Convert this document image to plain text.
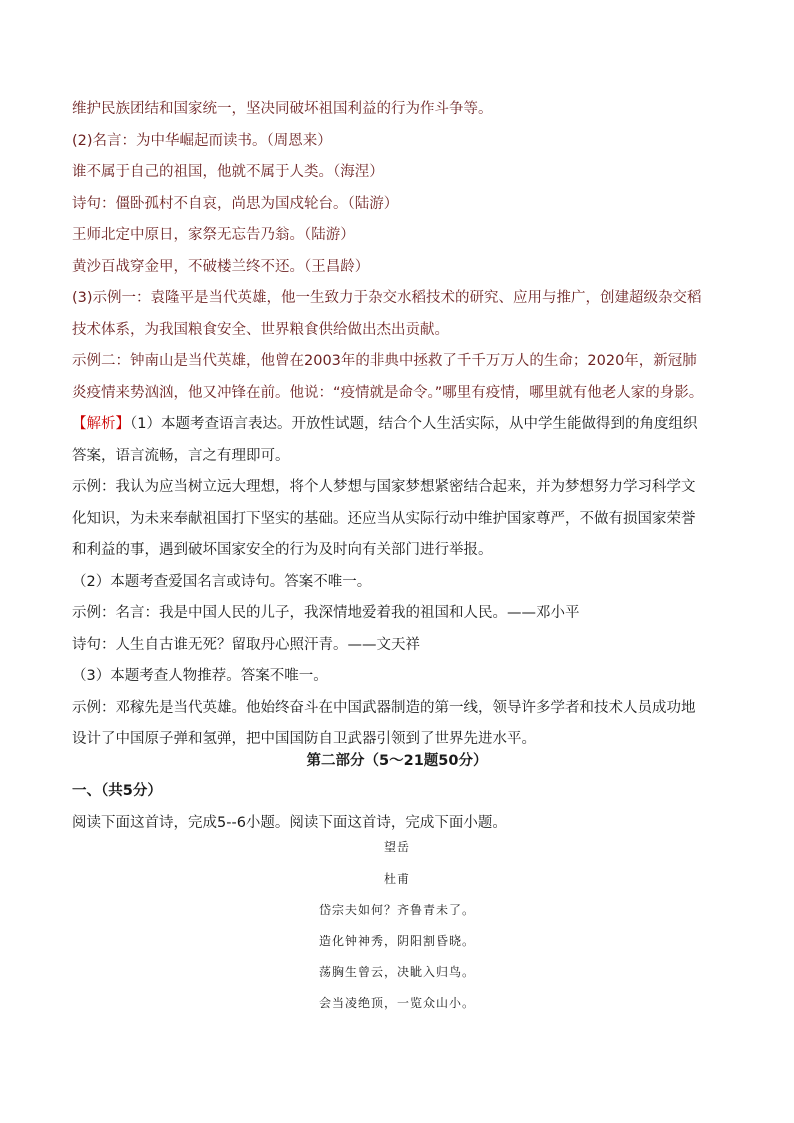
维护民族团结和国家统一，坚决同破坏祖国利益的行为作斗争等。
(2)名言：为中华崛起而读书。（周恩来）
谁不属于自己的祖国，他就不属于人类。（海涅）
诗句：僵卧孤村不自哀，尚思为国戍轮台。（陆游）
王师北定中原日，家祭无忘告乃翁。（陆游）
黄沙百战穿金甲，不破楼兰终不还。（王昌龄）
(3)示例一：袁隆平是当代英雄，他一生致力于杂交水稻技术的研究、应用与推广，创建超级杂交稻
技术体系，为我国粮食安全、世界粮食供给做出杰出贡献。
示例二：钟南山是当代英雄，他曾在2003年的非典中拯救了千千万万人的生命；2020年，新冠肺
炎疫情来势汹汹，他又冲锋在前。他说：“疫情就是命令。”哪里有疫情，哪里就有他老人家的身影。
【解析】（1）本题考查语言表达。开放性试题，结合个人生活实际，从中学生能做得到的角度组织
答案，语言流畅，言之有理即可。
示例：我认为应当树立远大理想，将个人梦想与国家梦想紧密结合起来，并为梦想努力学习科学文
化知识，为未来奉献祖国打下坚实的基础。还应当从实际行动中维护国家尊严，不做有损国家荣誉
和利益的事，遇到破坏国家安全的行为及时向有关部门进行举报。
（2）本题考查爱国名言或诗句。答案不唯一。
示例：名言：我是中国人民的儿子，我深情地爱着我的祖国和人民。——邓小平
诗句：人生自古谁无死？留取丹心照汗青。——文天祥
（3）本题考查人物推荐。答案不唯一。
示例：邓稼先是当代英雄。他始终奋斗在中国武器制造的第一线，领导许多学者和技术人员成功地
设计了中国原子弹和氢弹，把中国国防自卫武器引领到了世界先进水平。
第二部分（5～21题50分）
一、（共5分）
阅读下面这首诗，完成5--6小题。阅读下面这首诗，完成下面小题。
望岳
杜甫
岱宗夫如何？齐鲁青未了。
造化钟神秀，阴阳割昏晓。
荡胸生曾云，决眦入归鸟。
会当凌绝顶，一览众山小。
